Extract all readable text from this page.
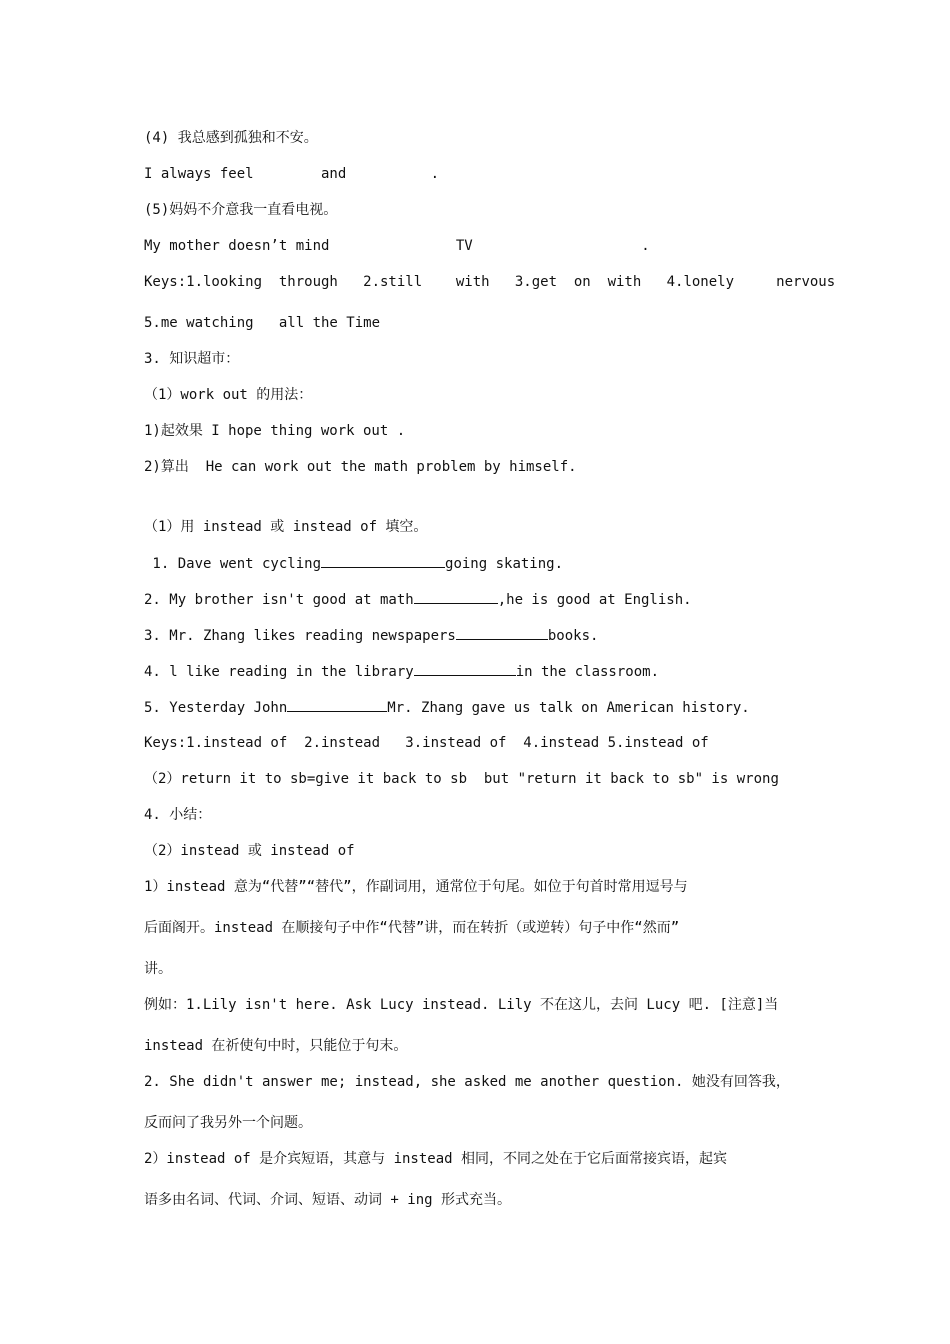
(4) 我总感到孤独和不安。
I always feel        and          .
(5)妈妈不介意我一直看电视。
My mother doesn’t mind               TV                    .
Keys:1.looking  through   2.still    with   3.get  on  with   4.lonely     nervous
5.me watching   all the Time
3. 知识超市：
（1）work out 的用法：
1)起效果 I hope thing work out .
2)算出  He can work out the math problem by himself.
（1）用 instead 或 instead of 填空。
1. Dave went cycling	going skating.
2. My brother isn't good at math	,he is good at English.
3. Mr. Zhang likes reading newspapers	books.
4. l like reading in the library	in the classroom.
5. Yesterday John	Mr. Zhang gave us talk on American history.
Keys:1.instead of  2.instead   3.instead of  4.instead 5.instead of
（2）return it to sb=give it back to sb  but "return it back to sb" is wrong
4. 小结：
（2）instead 或 instead of
1）instead 意为“代替”“替代”，作副词用，通常位于句尾。如位于句首时常用逗号与
后面阁开。instead 在顺接句子中作“代替”讲，而在转折（或逆转）句子中作“然而”
讲。
例如：1.Lily isn't here. Ask Lucy instead. Lily 不在这儿，去问 Lucy 吧. [注意]当
instead 在祈使句中时，只能位于句末。
2. She didn't answer me; instead, she asked me another question. 她没有回答我，
反而问了我另外一个问题。
2）instead of 是介宾短语，其意与 instead 相同，不同之处在于它后面常接宾语，起宾
语多由名词、代词、介词、短语、动词 + ing 形式充当。
